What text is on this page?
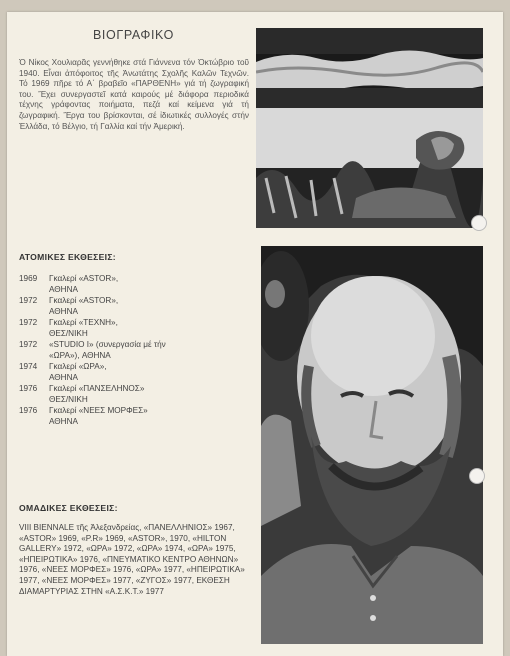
ΒΙΟΓΡΑΦΙΚΟ
Ὁ Νίκος Χουλιαρᾶς γεννήθηκε στά Γιάννενα τόν Ὀκτώβριο τοῦ 1940. Εἶναι ἀπόφοιτος τῆς Ἀνωτάτης Σχολῆς Καλῶν Τεχνῶν. Τό 1969 πῆρε τό Α΄ βραβεῖο «ΠΑΡΘΕΝΗ» γιά τή ζωγραφική του. Ἔχει συνεργαστεῖ κατά καιρούς μέ διάφορα περιοδικά τέχνης γράφοντας ποιήματα, πεζά καί κείμενα γιά τή ζωγραφική. Ἔργα του βρίσκονται, σέ ἰδιωτικές συλλογές στήν Ἑλλάδα, τό Βέλγιο, τή Γαλλία καί τήν Ἀμερική.
ΑΤΟΜΙΚΕΣ ΕΚΘΕΣΕΙΣ:
1969	Γκαλερί «ASTOR»,
ΑΘΗΝΑ
1972	Γκαλερί «ASTOR»,
ΑΘΗΝΑ
1972	Γκαλερί «ΤΕΧΝΗ»,
ΘΕΣ/ΝΙΚΗ
1972	«STUDIO I» (συνεργασία μέ τήν
«ΩΡΑ»), ΑΘΗΝΑ
1974	Γκαλερί «ΩΡΑ»,
ΑΘΗΝΑ
1976	Γκαλερί «ΠΑΝΣΕΛΗΝΟΣ»
ΘΕΣ/ΝΙΚΗ
1976	Γκαλερί «ΝΕΕΣ ΜΟΡΦΕΣ»
ΑΘΗΝΑ
ΟΜΑΔΙΚΕΣ ΕΚΘΕΣΕΙΣ:
VIII BIENNALE τῆς Ἀλεξανδρείας, «ΠΑΝΕΛΛΗΝΙΟΣ» 1967, «ASTOR» 1969, «P.R» 1969, «ASTOR», 1970, «HILTON GALLERY» 1972, «ΩΡΑ» 1972, «ΩΡΑ» 1974, «ΩΡΑ» 1975, «ΗΠΕΙΡΩΤΙΚΑ» 1976, «ΠΝΕΥΜΑΤΙΚΟ ΚΕΝΤΡΟ ΑΘΗΝΩΝ» 1976, «ΝΕΕΣ ΜΟΡΦΕΣ» 1976, «ΩΡΑ» 1977, «ΗΠΕΙΡΩΤΙΚΑ» 1977, «ΝΕΕΣ ΜΟΡΦΕΣ» 1977, «ΖΥΓΟΣ» 1977, ΕΚΘΕΣΗ ΔΙΑΜΑΡΤΥΡΙΑΣ ΣΤΗΝ «Α.Σ.Κ.Τ.» 1977
